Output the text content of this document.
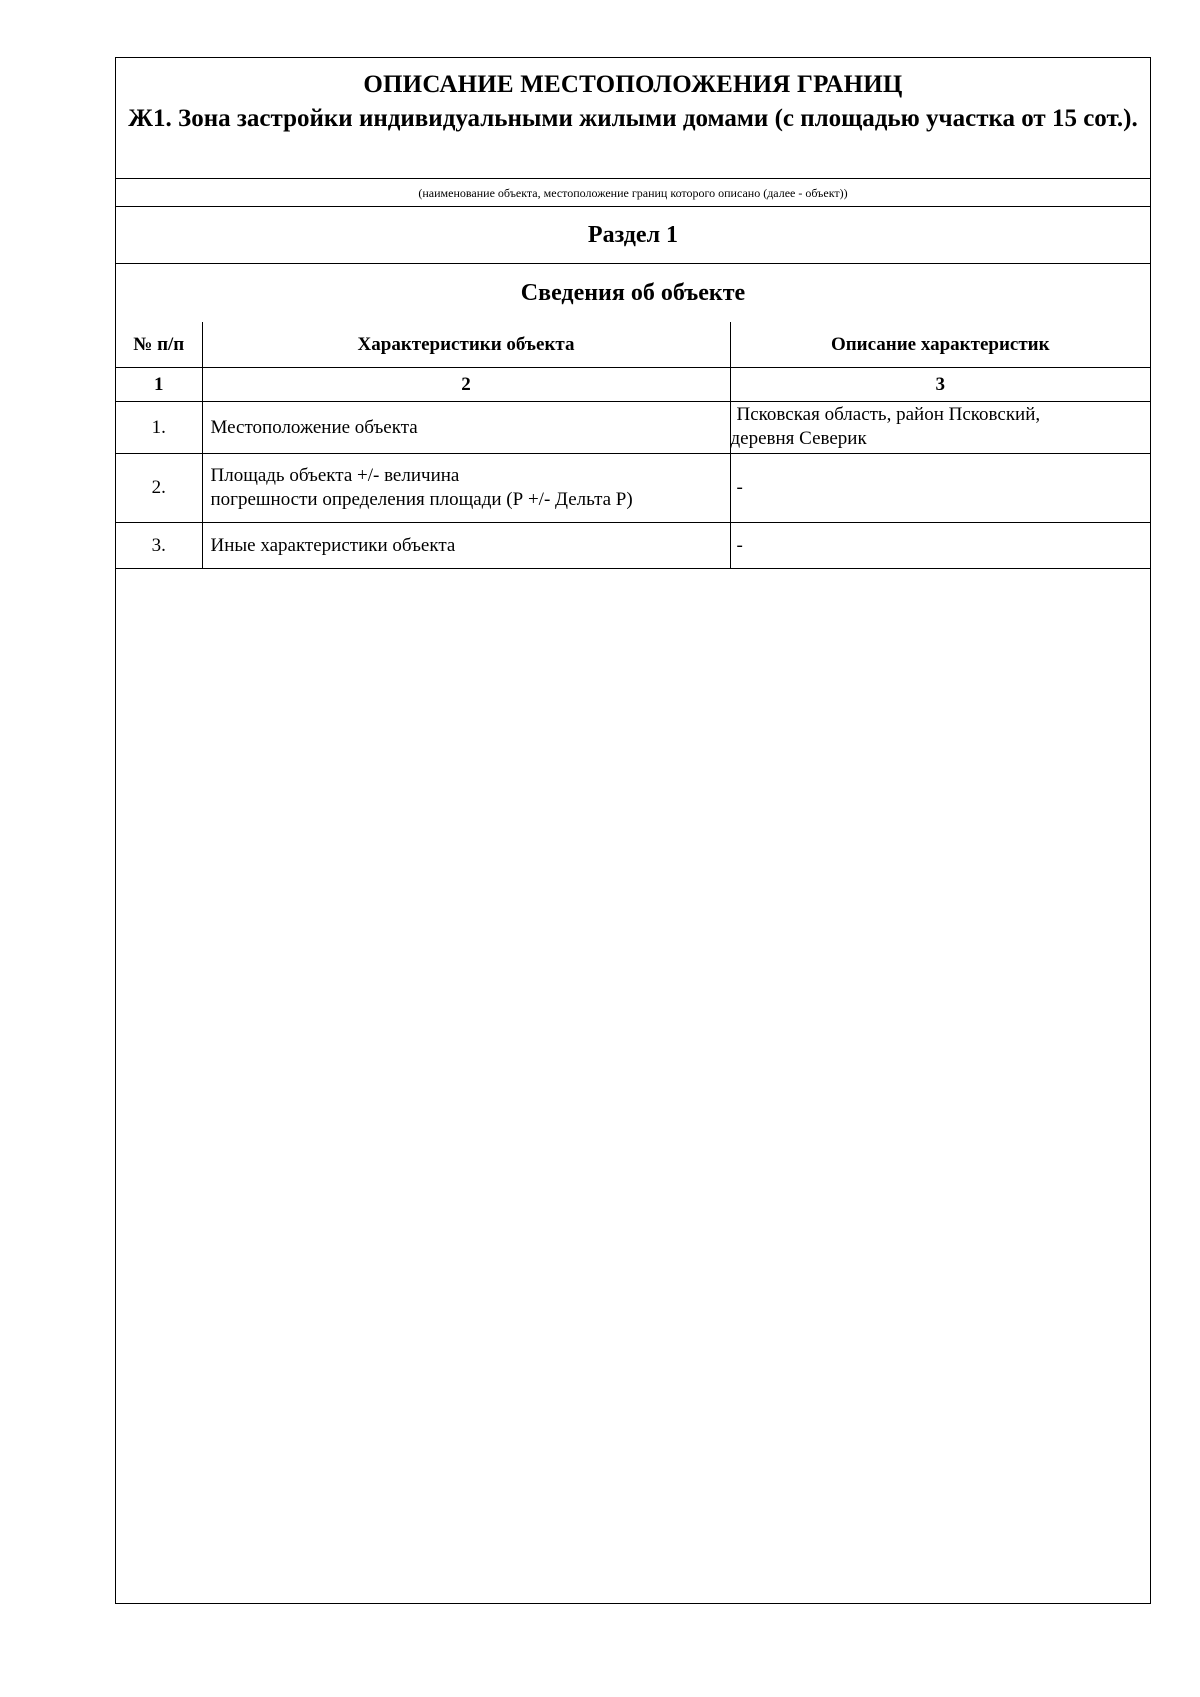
ОПИСАНИЕ МЕСТОПОЛОЖЕНИЯ ГРАНИЦ
Ж1. Зона застройки индивидуальными жилыми домами (с площадью участка от 15 сот.).
(наименование объекта, местоположение границ которого описано (далее - объект))
Раздел 1
Сведения об объекте
№ п/п	Характеристики объекта	Описание характеристик
1	2	3
1.	Местоположение объекта	Псковская область, район Псковский,
деревня Северик

2.	Площадь объекта +/- величина
погрешности определения площади (Р +/- Дельта Р)	-
3.	Иные характеристики объекта	-
